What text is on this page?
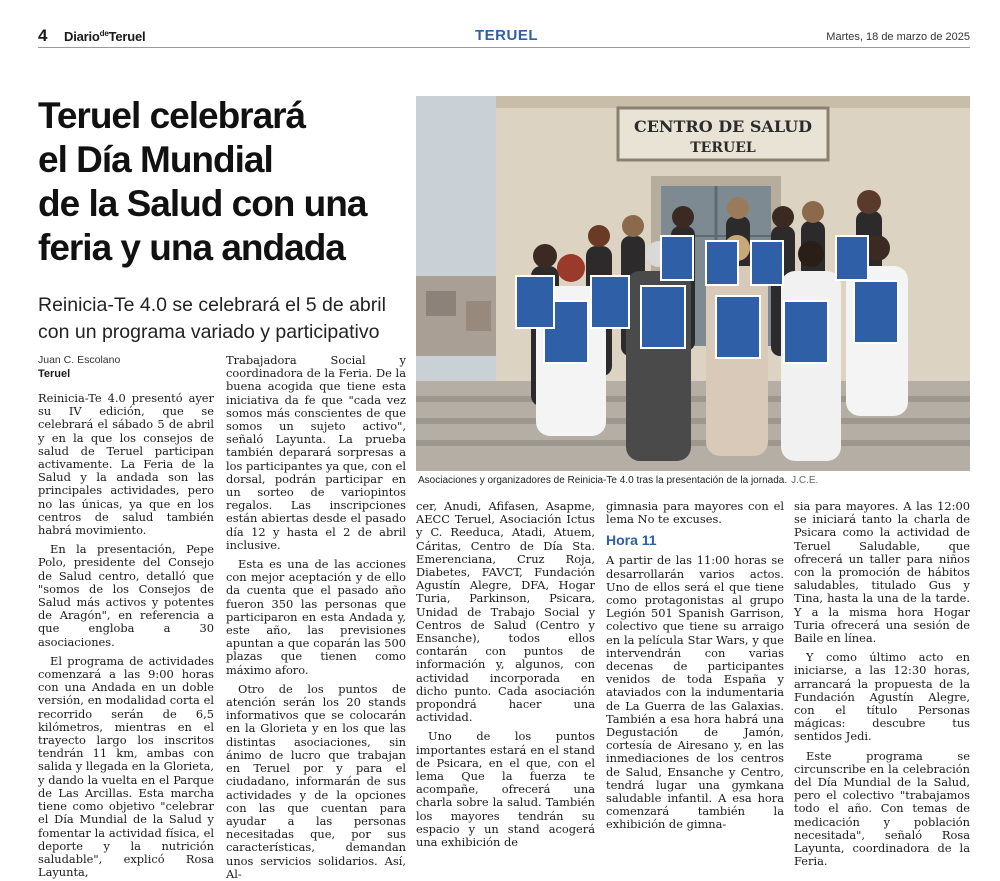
4 Diario$^{de}$Teruel	TERUEL	Martes, 18 de marzo de 2025
Teruel celebrará
el Día Mundial
de la Salud con una
feria y una andada
Reinicia-Te 4.0 se celebrará el 5 de abril
con un programa variado y participativo
Juan C. Escolano
Teruel

Reinicia-Te 4.0 presentó ayer su IV edición, que se celebrará el sábado 5 de abril y en la que los consejos de salud de Teruel participan activamente. La Feria de la Salud y la andada son las principales actividades, pero no las únicas, ya que en los centros de salud también habrá movimiento.

En la presentación, Pepe Polo, presidente del Consejo de Salud centro, detalló que "somos de los Consejos de Salud más activos y potentes de Aragón", en referencia a que engloba a 30 asociaciones.

El programa de actividades comenzará a las 9:00 horas con una Andada en un doble versión, en modalidad corta el recorrido serán de 6,5 kilómetros, mientras en el trayecto largo los inscritos tendrán 11 km, ambas con salida y llegada en la Glorieta, y dando la vuelta en el Parque de Las Arcillas. Esta marcha tiene como objetivo "celebrar el Día Mundial de la Salud y fomentar la actividad física, el deporte y la nutrición saludable", explicó Rosa Layunta,

Trabajadora Social y coordinadora de la Feria. De la buena acogida que tiene esta iniciativa da fe que "cada vez somos más conscientes de que somos un sujeto activo", señaló Layunta. La prueba también deparará sorpresas a los participantes ya que, con el dorsal, podrán participar en un sorteo de variopintos regalos. Las inscripciones están abiertas desde el pasado día 12 y hasta el 2 de abril inclusive.

Esta es una de las acciones con mejor aceptación y de ello da cuenta que el pasado año fueron 350 las personas que participaron en esta Andada y, este año, las previsiones apuntan a que coparán las 500 plazas que tienen como máximo aforo.

Otro de los puntos de atención serán los 20 stands informativos que se colocarán en la Glorieta y en los que las distintas asociaciones, sin ánimo de lucro que trabajan en Teruel por y para el ciudadano, informarán de sus actividades y de la opciones con las que cuentan para ayudar a las personas necesitadas que, por sus características, demandan unos servicios solidarios. Así, Al-

CENTRO DE SALUD
TERUEL
Asociaciones y organizadores de Reinicia-Te 4.0 tras la presentación de la jornada. J.C.E.

cer, Anudi, Afifasen, Asapme, AECC Teruel, Asociación Ictus y C. Reeduca, Atadi, Atuem, Cáritas, Centro de Día Sta. Emerenciana, Cruz Roja, Diabetes, FAVCT, Fundación Agustín Alegre, DFA, Hogar Turia, Parkinson, Psicara, Unidad de Trabajo Social y Centros de Salud (Centro y Ensanche), todos ellos contarán con puntos de información y, algunos, con actividad incorporada en dicho punto. Cada asociación propondrá hacer una actividad.

Uno de los puntos importantes estará en el stand de Psicara, en el que, con el lema Que la fuerza te acompañe, ofrecerá una charla sobre la salud. También los mayores tendrán su espacio y un stand acogerá una exhibición de

gimnasia para mayores con el lema No te excuses.

Hora 11

A partir de las 11:00 horas se desarrollarán varios actos. Uno de ellos será el que tiene como protagonistas al grupo Legión 501 Spanish Garrison, colectivo que tiene su arraigo en la película Star Wars, y que intervendrán con varias decenas de participantes venidos de toda España y ataviados con la indumentaria de La Guerra de las Galaxias. También a esa hora habrá una Degustación de Jamón, cortesía de Airesano y, en las inmediaciones de los centros de Salud, Ensanche y Centro, tendrá lugar una gymkana saludable infantil. A esa hora comenzará también la exhibición de gimna-

sia para mayores. A las 12:00 se iniciará tanto la charla de Psicara como la actividad de Teruel Saludable, que ofrecerá un taller para niños con la promoción de hábitos saludables, titulado Gus y Tina, hasta la una de la tarde. Y a la misma hora Hogar Turia ofrecerá una sesión de Baile en línea.

Y como último acto en iniciarse, a las 12:30 horas, arrancará la propuesta de la Fundación Agustín Alegre, con el título Personas mágicas: descubre tus sentidos Jedi.

Este programa se circunscribe en la celebración del Día Mundial de la Salud, pero el colectivo "trabajamos todo el año. Con temas de medicación y población necesitada", señaló Rosa Layunta, coordinadora de la Feria.
